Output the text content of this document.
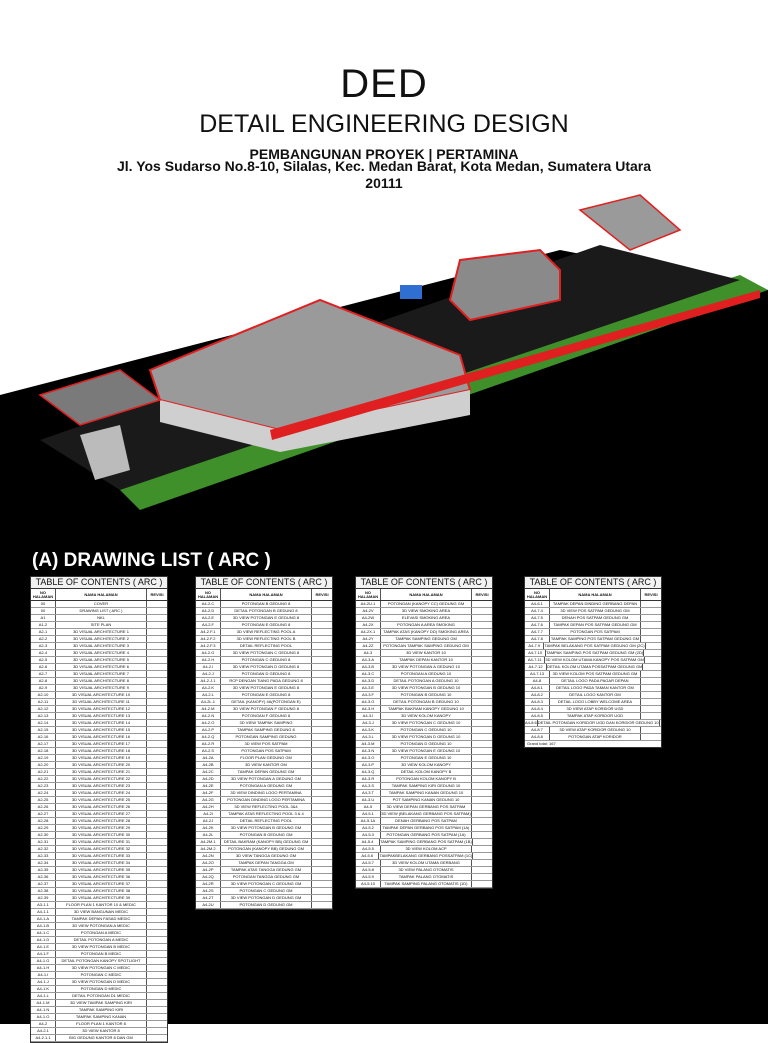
DED
DETAIL ENGINEERING DESIGN
PEMBANGUNAN PROYEK | PERTAMINA
Jl. Yos Sudarso No.8-10, Silalas, Kec. Medan Barat, Kota Medan, Sumatera Utara
20111
(A) DRAWING LIST ( ARC )
TABLE OF CONTENTS ( ARC )
NO HALAMAN	NAMA HALAMAN	REVISI
00	COVER
00	DRAWING LIST ( ARC )
A1	NKL
A1-2	SITE PLAN
A2-1	3D VISUAL ARCHITECTURE 1
A2-2	3D VISUAL ARCHITECTURE 2
A2-3	3D VISUAL ARCHITECTURE 3
A2-4	3D VISUAL ARCHITECTURE 4
A2-5	3D VISUAL ARCHITECTURE 5
A2-6	3D VISUAL ARCHITECTURE 6
A2-7	3D VISUAL ARCHITECTURE 7
A2-8	3D VISUAL ARCHITECTURE 8
A2-9	3D VISUAL ARCHITECTURE 9
A2-10	3D VISUAL ARCHITECTURE 10
A2-11	3D VISUAL ARCHITECTURE 11
A2-12	3D VISUAL ARCHITECTURE 12
A2-13	3D VISUAL ARCHITECTURE 13
A2-14	3D VISUAL ARCHITECTURE 14
A2-15	3D VISUAL ARCHITECTURE 15
A2-16	3D VISUAL ARCHITECTURE 16
A2-17	3D VISUAL ARCHITECTURE 17
A2-18	3D VISUAL ARCHITECTURE 18
A2-19	3D VISUAL ARCHITECTURE 19
A2-20	3D VISUAL ARCHITECTURE 20
A2-21	3D VISUAL ARCHITECTURE 21
A2-22	3D VISUAL ARCHITECTURE 22
A2-23	3D VISUAL ARCHITECTURE 23
A2-24	3D VISUAL ARCHITECTURE 24
A2-25	3D VISUAL ARCHITECTURE 25
A2-26	3D VISUAL ARCHITECTURE 26
A2-27	3D VISUAL ARCHITECTURE 27
A2-28	3D VISUAL ARCHITECTURE 28
A2-29	3D VISUAL ARCHITECTURE 29
A2-30	3D VISUAL ARCHITECTURE 30
A2-31	3D VISUAL ARCHITECTURE 31
A2-32	3D VISUAL ARCHITECTURE 32
A2-33	3D VISUAL ARCHITECTURE 33
A2-34	3D VISUAL ARCHITECTURE 34
A2-35	3D VISUAL ARCHITECTURE 35
A2-36	3D VISUAL ARCHITECTURE 36
A2-37	3D VISUAL ARCHITECTURE 37
A2-38	3D VISUAL ARCHITECTURE 38
A2-39	3D VISUAL ARCHITECTURE 39
A3-1.1	FLOOR PLAN 1 KANTOR 10 & MEDIC
A4-1.1	3D VIEW BANGUNAN MEDIC
A4-1.A	TAMPAK DEPAN FASAD MEDIC
A4-1.B	3D VIEW POTONGAN A MEDIC
A4-1.C	POTONGAN A MEDIC
A4-1.D	DETAIL POTONGAN A MEDIC
A4-1.E	3D VIEW POTONGAN B MEDIC
A4-1.F	POTONGAN B MEDIC
A4-1.G	DETAIL POTONGAN KANOPY SPOTLIGHT
A4-1.H	3D VIEW POTONGAN C MEDIC
A4-1.I	POTONGAN C MEDIC
A4-1.J	3D VIEW POTONGAN D MEDIC
A4-1.K	POTONGAN D MEDIC
A4-1.L	DETAIL POTONGAN D1 MEDIC
A4-1.M	3D VIEW TAMPAK SAMPING KIRI
A4-1.N	TAMPAK SAMPING KIRI
A4-1.O	TAMPAK SAMPING KANAN
A4-2	FLOOR PLAN 1 KANTOR 8
A4-2.1	3D VIEW KANTOR 8
A4-2.1.1	BIG GEDUNG KANTOR 8 DAN GM
TABLE OF CONTENTS ( ARC )
NO HALAMAN	NAMA HALAMAN	REVISI
A4-2.C	POTONGAN B GEDUNG 8
A4-2.D	DETAIL POTONGAN B GEDUNG 8
A4-2.E	3D VIEW POTONGAN E GEDUNG 8
A4-2.F	POTONGAN E GEDUNG 8
A4-2.F.1	3D VIEW REFLECTING POOL A
A4-2.F.2	3D VIEW REFLECTING POOL B
A4-2.F.3	DETAIL REFLECTING POOL
A4-2.G	3D VIEW POTONGAN C GEDUNG 8
A4-2.H	POTONGAN C GEDUNG 8
A4-2.I	3D VIEW POTONGAN D GEDUNG 8
A4-2.J	POTONGAN D GEDUNG 8
A4-2.J.1	RCP DENGAN TIANG PADA GEDUNG 8
A4-2.K	3D VIEW POTONGAN E GEDUNG 8
A4-2.L	POTONGAN E GEDUNG 8
A4-2L.1	DETAIL (KANOPY) 4A(POTONGAN E)
A4-2.M	3D VIEW POTONGAN F GEDUNG 8
A4-2.N	POTONGAN F GEDUNG 8
A4-2.O	3D VIEW TAMPAK SAMPING
A4-2.P	TAMPAK SAMPING GEDUNG 8
A4-2.Q	POTONGAN SAMPING GEDUNG
A4-2.R	3D VIEW POS SATPAM
A4-2.S	POTONGAN POS SATPAM
A4-2A	FLOOR PLAN GEDUNG GM
A4-2B	3D VIEW KANTOR GM
A4-2C	TAMPAK DEPAN GEDUNG GM
A4-2D	3D VIEW POTONGAN A GEDUNG GM
A4-2E	POTONGAN A GEDUNG GM
A4-2F	3D VIEW DINDING LOGO PERTAMINA
A4-2G	POTONGAN DINDING LOGO PERTAMINA
A4-2H	3D VIEW REFLECTING POOL 3&4
A4-2I	TAMPAK ATAS REFLECTING POOL 3 & 4
A4-2J	DETAIL REFLECTING POOL
A4-2K	3D VIEW POTONGAN B GEDUNG GM
A4-2L	POTONGAN B GEDUNG GM
A4-2M.1	DETAIL BAKRAM (KANOPY BB) GEDUNG GM
A4-2M.2	POTONGAN (KANOPY BB) GEDUNG GM
A4-2N	3D VIEW TANGGA GEDUNG GM
A4-2O	TAMPAK DEPAN TANGGA GM
A4-2P	TAMPAK ATAS TANGGA GEDUNG GM
A4-2Q	POTONGAN TANGGA GEDUNG GM
A4-2R	3D VIEW POTONGAN C GEDUNG GM
A4-2S	POTONGAN C GEDUNG GM
A4-2T	3D VIEW POTONGAN D GEDUNG GM
A4-2U	POTONGAN D GEDUNG GM
TABLE OF CONTENTS ( ARC )
NO HALAMAN	NAMA HALAMAN	REVISI
A4-2U.1	POTONGAN (KANOPY CC) GEDUNG GM
A4-2V	3D VIEW SMOKING AREA
A4-2W	ELEVASI SMOKING AREA
A4-2X	POTONGAN A AREA SMOKING
A4-2X.1	TAMPAK ATAS (KANOPY DD) SMOKING AREA
A4-2Y	TAMPAK SAMPING GEDUNG GM
A4-2Z	POTONGAN TAMPAK SAMPING GEDUNG GM
A4-3	3D VIEW KANTOR 10
A4-3.A	TAMPAK DEPAN KANTOR 10
A4-3.B	3D VIEW POTONGAN A GEDUNG 10
A4-3.C	POTONGAN A GEDUNG 10
A4-3.D	DETAIL POTONGAN A GEDUNG 10
A4-3.E	3D VIEW POTONGAN B GEDUNG 10
A4-3.F	POTONGAN B GEDUNG 10
A4-3.G	DETAIL POTONGAN B GEDUNG 10
A4-3.H	TAMPAK BAKRAM KANOPY GEDUNG 10
A4-3.I	3D VIEW KOLOM KANOPY
A4-3.J	3D VIEW POTONGAN C GEDUNG 10
A4-3.K	POTONGAN C GEDUNG 10
A4-3.L	3D VIEW POTONGAN D GEDUNG 10
A4-3.M	POTONGAN D GEDUNG 10
A4-3.N	3D VIEW POTONGAN E GEDUNG 10
A4-3.O	POTONGAN E GEDUNG 10
A4-3.P	3D VIEW KOLOM KANOPY
A4-3.Q	DETAIL KOLOM KANOPY B
A4-3.R	POTONGAN KOLOM KANOPY B
A4-3.S	TAMPAK SAMPING KIRI GEDUNG 10
A4-3.T	TAMPAK SAMPING KANAN GEDUNG 10
A4-3.U	POT SAMPING KANAN GEDUNG 10
A4-5	3D VIEW DEPAN GERBANG POS SATPAM
A4-5.1	3D VIEW (BELAKANG GERBANG POS SATPAM)
A4-5.1A	DENAH GERBANG POS SATPAM
A4-5.2	TAMPAK DEPAN GERBANG POS SATPAM (1A)
A4-5.3	POTONGAN GERBANG POS SATPAM (1A)
A4-5.4	TAMPAK SAMPING GERBANG POS SATPAM (1B)
A4-5.5	3D VIEW KOLOM ACP
A4-5.6	TAMPAKBELAKANG GERBANG POSSATPAM (1C)
A4-5.7	3D VIEW KOLOM UTAMA GERBANG
A4-5.8	3D VIEW PALANG OTOMATIS
A4-5.9	TAMPAK PALANG OTOMATIS
A4-5.10	TAMPAK SAMPING PALANG OTOMATIS (1D)
TABLE OF CONTENTS ( ARC )
NO HALAMAN	NAMA HALAMAN	REVISI
A4-6.1	TAMPAK DEPAN DINDING GERBANG DEPAN
A4-7.4	3D VIEW POS SATPAM GEDUNG GM
A4-7.5	DENAH POS SATPAM GEDUNG GM
A4-7.6	TAMPAK DEPAN POS SATPAM GEDUNG GM
A4-7.7	POTONGAN POS SATPAM
A4-7.8	TAMPAK SAMPING POS SATPAM GEDUNG GM
A4-7.9	TAMPAK BELAKANG POS SATPAM GEDUNG GM (2C)
A4-7.10	TAMPAK SAMPING POS SATPAM GEDUNG GM (2D)
A4-7.11 3D VIEW KOLOM UTAMA KANOPY POS SATPAM GM
A4-7.12	DETAIL KOLOM UTAMA POSSATPAM GEDUNG GM
A4-7.13	3D VIEW KOLOM POS SATPAM GEDUNG GM
A4-8	DETAIL LOGO PADA PAGAR DEPAN
A4-8.1	DETAIL LOGO PADA TAMAN KANTOR GM
A4-8.2	DETAIL LOGO KANTOR GM
A4-8.3	DETAIL LOGO LOBBY WELCOME AREA
A4-8.4	3D VIEW ATAP KORIDOR UGD
A4-8.5	TAMPAK ATAP KORIDOR UGD
A4-8.6 DETAIL POTONGAN KORIDOR UGD DAN KORIDOR GEDUNG 10
A4-8.7	3D VIEW ATAP KORIDOR GEDUNG 10
A4-8.8	POTONGAN ATAP KORIDOR
Grand total: 167
